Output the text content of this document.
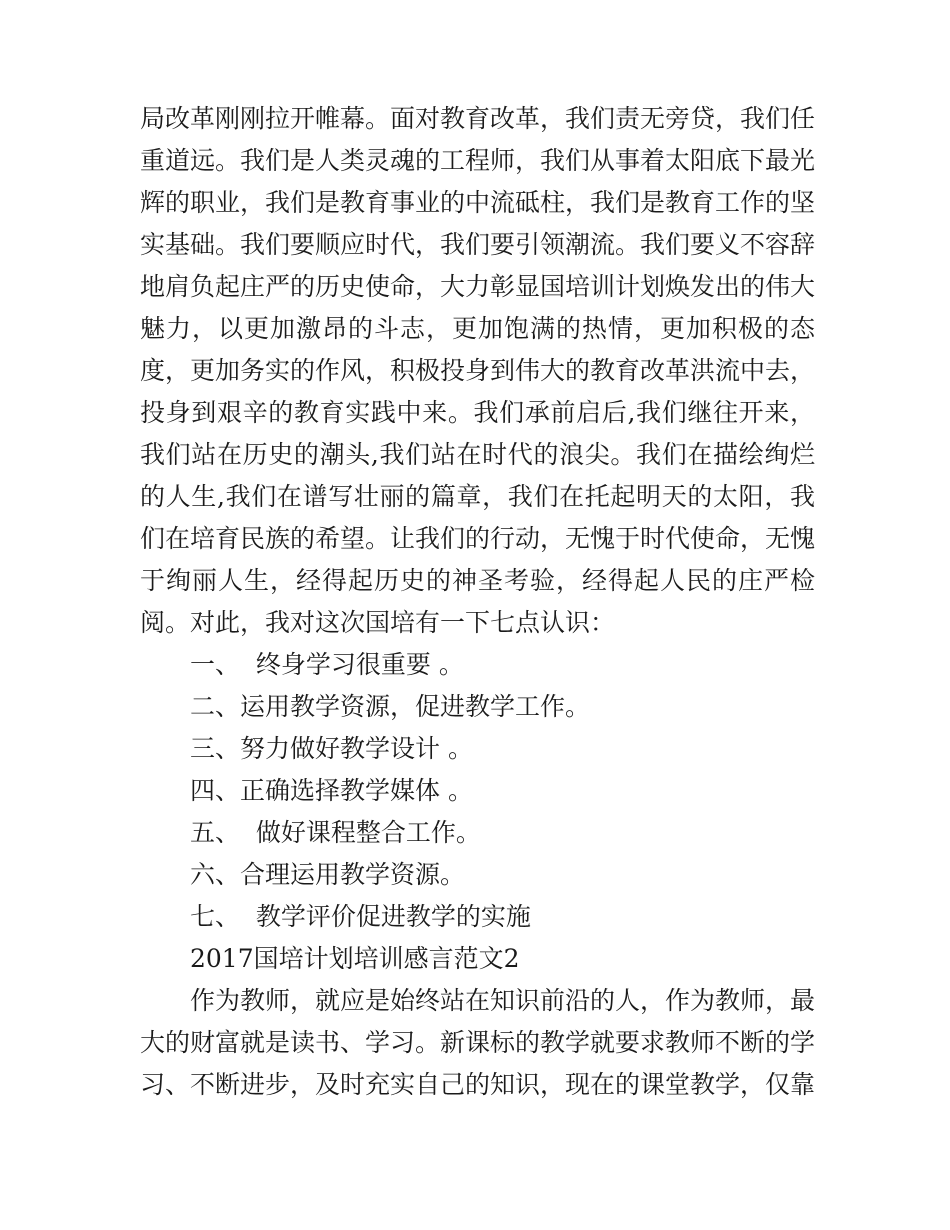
局改革刚刚拉开帷幕。面对教育改革，我们责无旁贷，我们任重道远。我们是人类灵魂的工程师，我们从事着太阳底下最光辉的职业，我们是教育事业的中流砥柱，我们是教育工作的坚实基础。我们要顺应时代，我们要引领潮流。我们要义不容辞地肩负起庄严的历史使命，大力彰显国培训计划焕发出的伟大魅力，以更加激昂的斗志，更加饱满的热情，更加积极的态度，更加务实的作风，积极投身到伟大的教育改革洪流中去，投身到艰辛的教育实践中来。我们承前启后,我们继往开来，我们站在历史的潮头,我们站在时代的浪尖。我们在描绘绚烂的人生,我们在谱写壮丽的篇章，我们在托起明天的太阳，我们在培育民族的希望。让我们的行动，无愧于时代使命，无愧于绚丽人生，经得起历史的神圣考验，经得起人民的庄严检阅。对此，我对这次国培有一下七点认识：

一、  终身学习很重要 。

二、运用教学资源，促进教学工作。

三、努力做好教学设计 。

四、正确选择教学媒体 。

五、  做好课程整合工作。

六、合理运用教学资源。

七、  教学评价促进教学的实施

2017国培计划培训感言范文2

作为教师，就应是始终站在知识前沿的人，作为教师，最大的财富就是读书、学习。新课标的教学就要求教师不断的学习、不断进步，及时充实自己的知识，现在的课堂教学，仅靠
